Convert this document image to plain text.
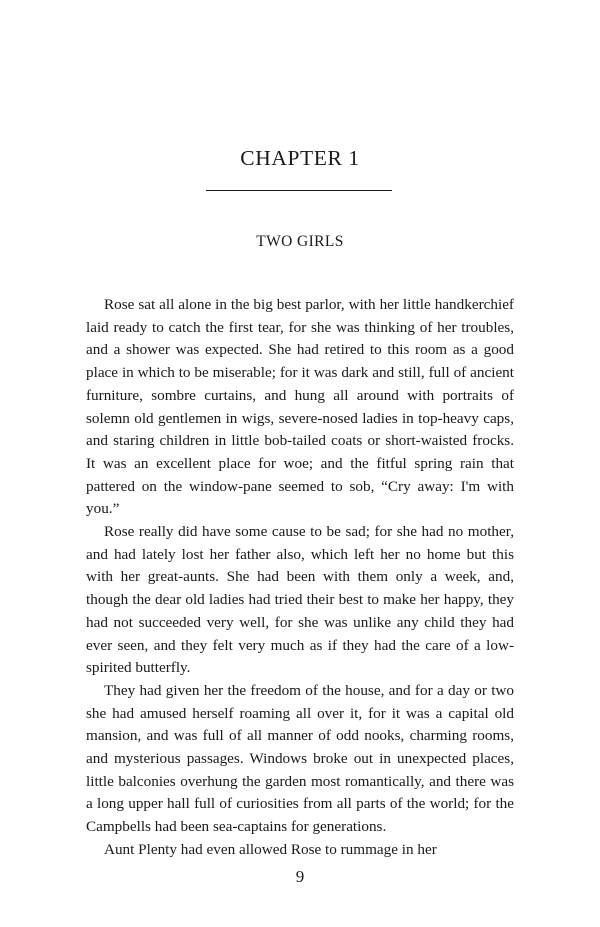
CHAPTER 1
TWO GIRLS

Rose sat all alone in the big best parlor, with her little handkerchief laid ready to catch the first tear, for she was thinking of her troubles, and a shower was expected. She had retired to this room as a good place in which to be miserable; for it was dark and still, full of ancient furniture, sombre curtains, and hung all around with portraits of solemn old gentlemen in wigs, severe-nosed ladies in top-heavy caps, and staring children in little bob-tailed coats or short-waisted frocks. It was an excellent place for woe; and the fitful spring rain that pattered on the window-pane seemed to sob, “Cry away: I'm with you.”

Rose really did have some cause to be sad; for she had no mother, and had lately lost her father also, which left her no home but this with her great-aunts. She had been with them only a week, and, though the dear old ladies had tried their best to make her happy, they had not succeeded very well, for she was unlike any child they had ever seen, and they felt very much as if they had the care of a low-spirited butterfly.

They had given her the freedom of the house, and for a day or two she had amused herself roaming all over it, for it was a capital old mansion, and was full of all manner of odd nooks, charming rooms, and mysterious passages. Windows broke out in unexpected places, little balconies overhung the garden most romantically, and there was a long upper hall full of curiosities from all parts of the world; for the Campbells had been sea-captains for generations.

Aunt Plenty had even allowed Rose to rummage in her

9
